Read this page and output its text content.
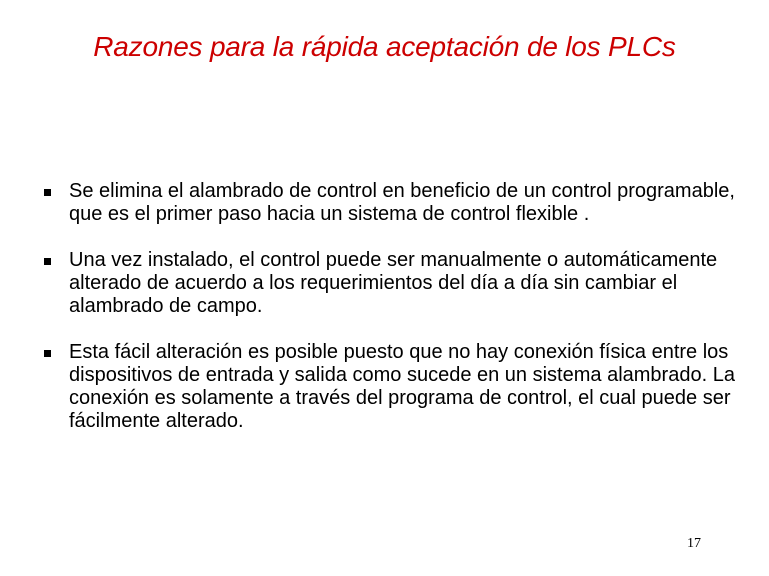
Razones para la rápida aceptación de los PLCs
Se elimina el alambrado de control en beneficio de un control programable, que es el primer paso hacia un sistema de control flexible .
Una vez instalado, el control puede ser manualmente o automáticamente alterado de acuerdo a los requerimientos del día a día sin cambiar el alambrado de campo.
Esta fácil alteración es posible puesto que no hay conexión física entre los dispositivos de entrada y salida como sucede en un sistema alambrado. La conexión es solamente a través del programa de control, el cual puede ser fácilmente alterado.
17
